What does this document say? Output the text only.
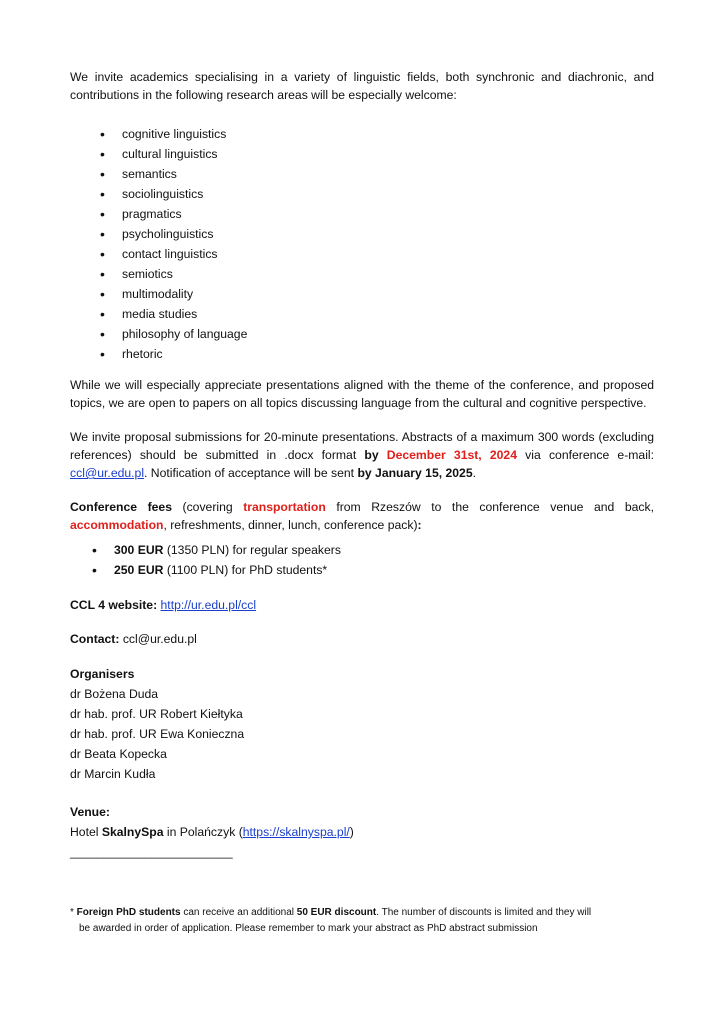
We invite academics specialising in a variety of linguistic fields, both synchronic and diachronic, and contributions in the following research areas will be especially welcome:

• cognitive linguistics
• cultural linguistics
• semantics
• sociolinguistics
• pragmatics
• psycholinguistics
• contact linguistics
• semiotics
• multimodality
• media studies
• philosophy of language
• rhetoric

While we will especially appreciate presentations aligned with the theme of the conference, and proposed topics, we are open to papers on all topics discussing language from the cultural and cognitive perspective.

We invite proposal submissions for 20-minute presentations. Abstracts of a maximum 300 words (excluding references) should be submitted in .docx format by December 31st, 2024 via conference e-mail: ccl@ur.edu.pl. Notification of acceptance will be sent by January 15, 2025.

Conference fees (covering transportation from Rzeszów to the conference venue and back, accommodation, refreshments, dinner, lunch, conference pack):

• 300 EUR (1350 PLN) for regular speakers
• 250 EUR (1100 PLN) for PhD students*

CCL 4 website: http://ur.edu.pl/ccl

Contact: ccl@ur.edu.pl

Organisers
dr Bożena Duda
dr hab. prof. UR Robert Kiełtyka
dr hab. prof. UR Ewa Konieczna
dr Beata Kopecka
dr Marcin Kudła
Venue:
Hotel SkalnySpa in Polańczyk (https://skalnyspa.pl/)
________________________
* Foreign PhD students can receive an additional 50 EUR discount. The number of discounts is limited and they will
be awarded in order of application. Please remember to mark your abstract as PhD abstract submission
